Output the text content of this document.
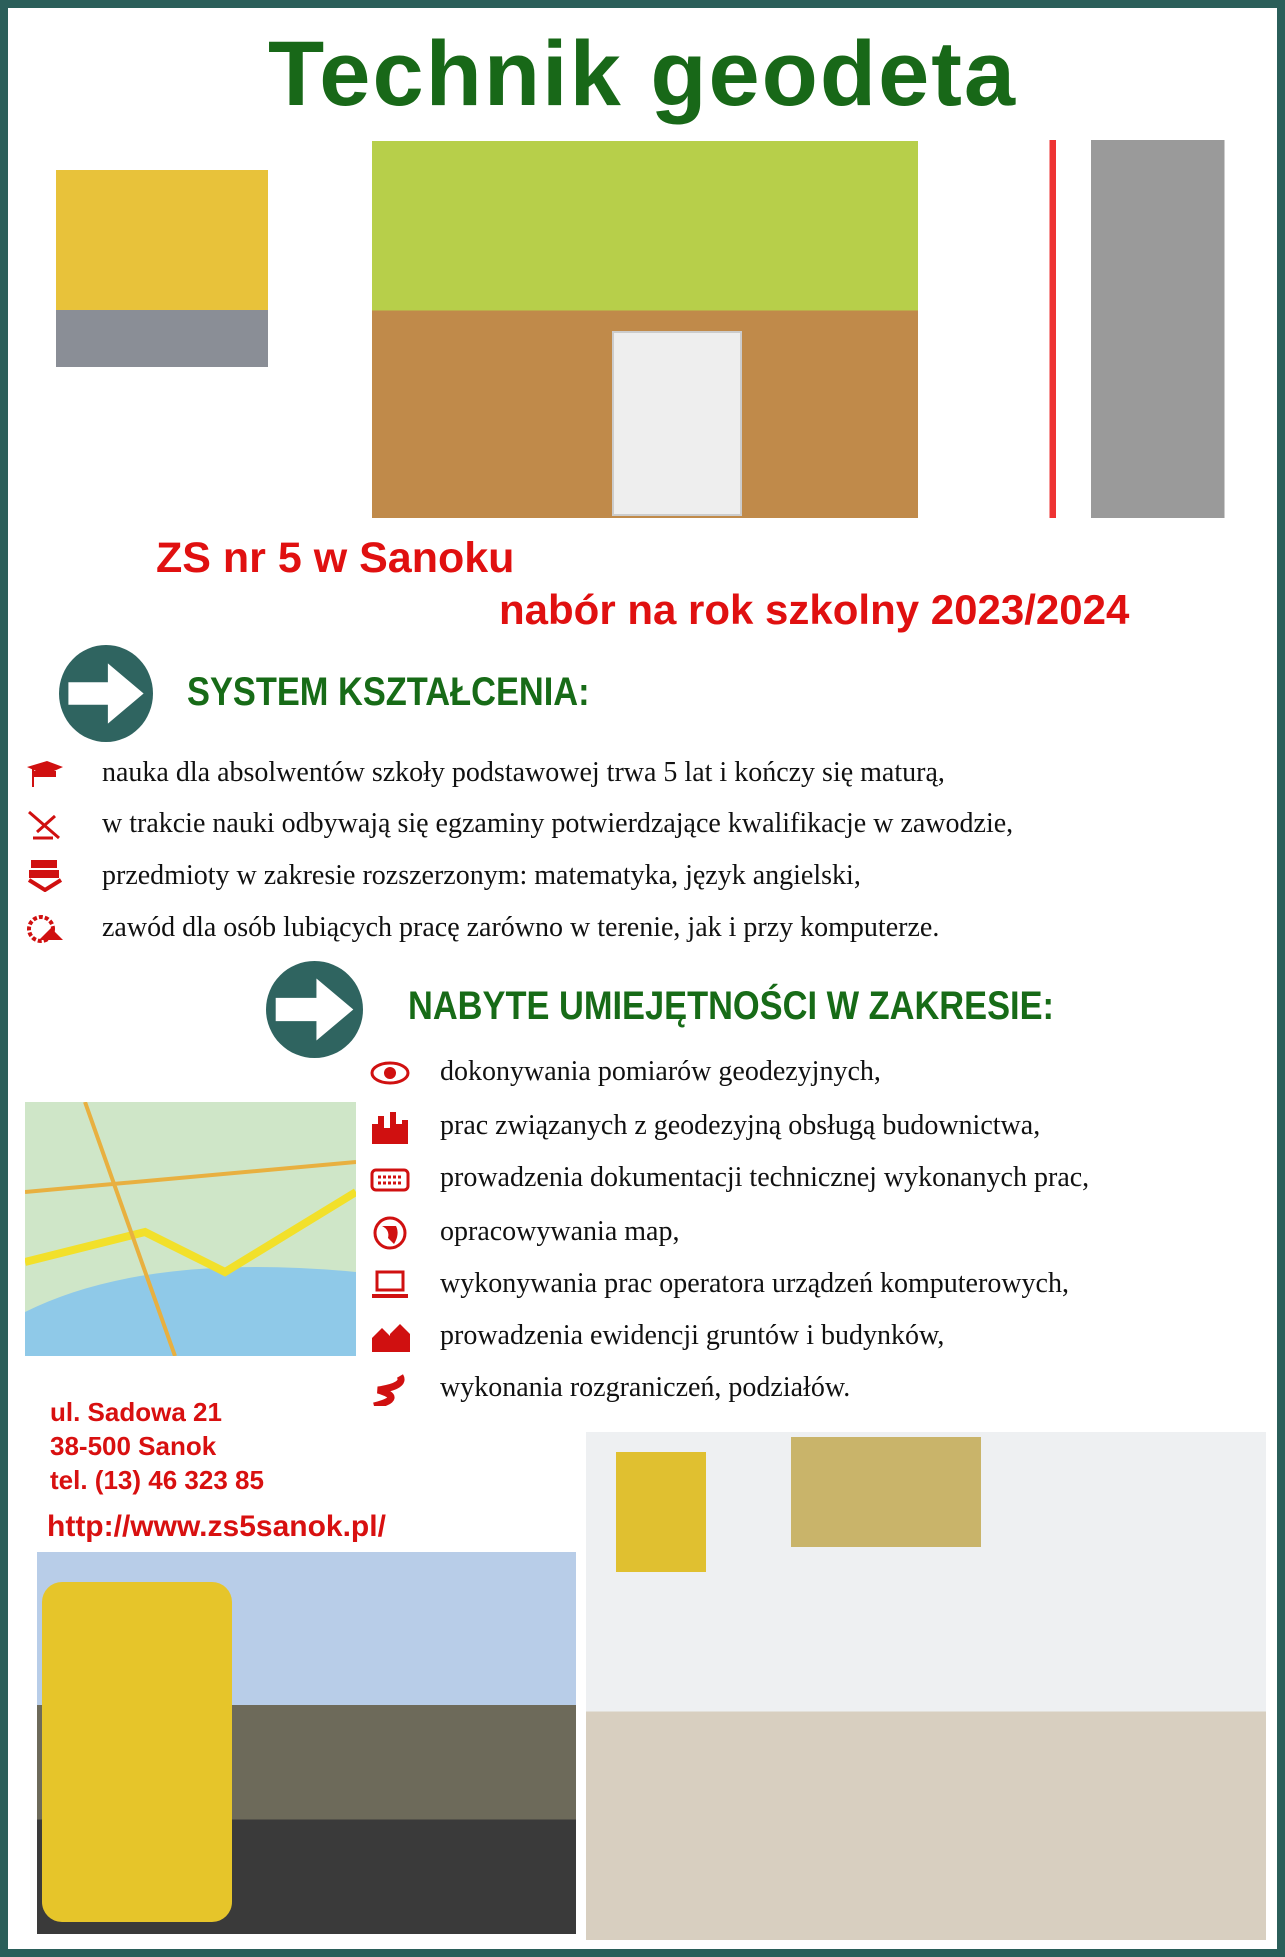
Technik geodeta
ZS nr 5 w Sanoku
nabór na rok szkolny 2023/2024
SYSTEM KSZTAŁCENIA:
nauka dla absolwentów szkoły podstawowej trwa 5 lat i kończy się maturą,
w trakcie nauki odbywają się egzaminy potwierdzające kwalifikacje w zawodzie,
przedmioty w zakresie rozszerzonym: matematyka, język angielski,
zawód dla osób lubiących pracę zarówno w terenie, jak i przy komputerze.
NABYTE UMIEJĘTNOŚCI W ZAKRESIE:
dokonywania pomiarów geodezyjnych,
prac związanych z geodezyjną obsługą budownictwa,
prowadzenia dokumentacji technicznej wykonanych prac,
opracowywania map,
wykonywania prac operatora urządzeń komputerowych,
prowadzenia ewidencji gruntów i budynków,
wykonania rozgraniczeń, podziałów.
ul. Sadowa 21
38-500 Sanok
tel. (13) 46 323 85
http://www.zs5sanok.pl/
